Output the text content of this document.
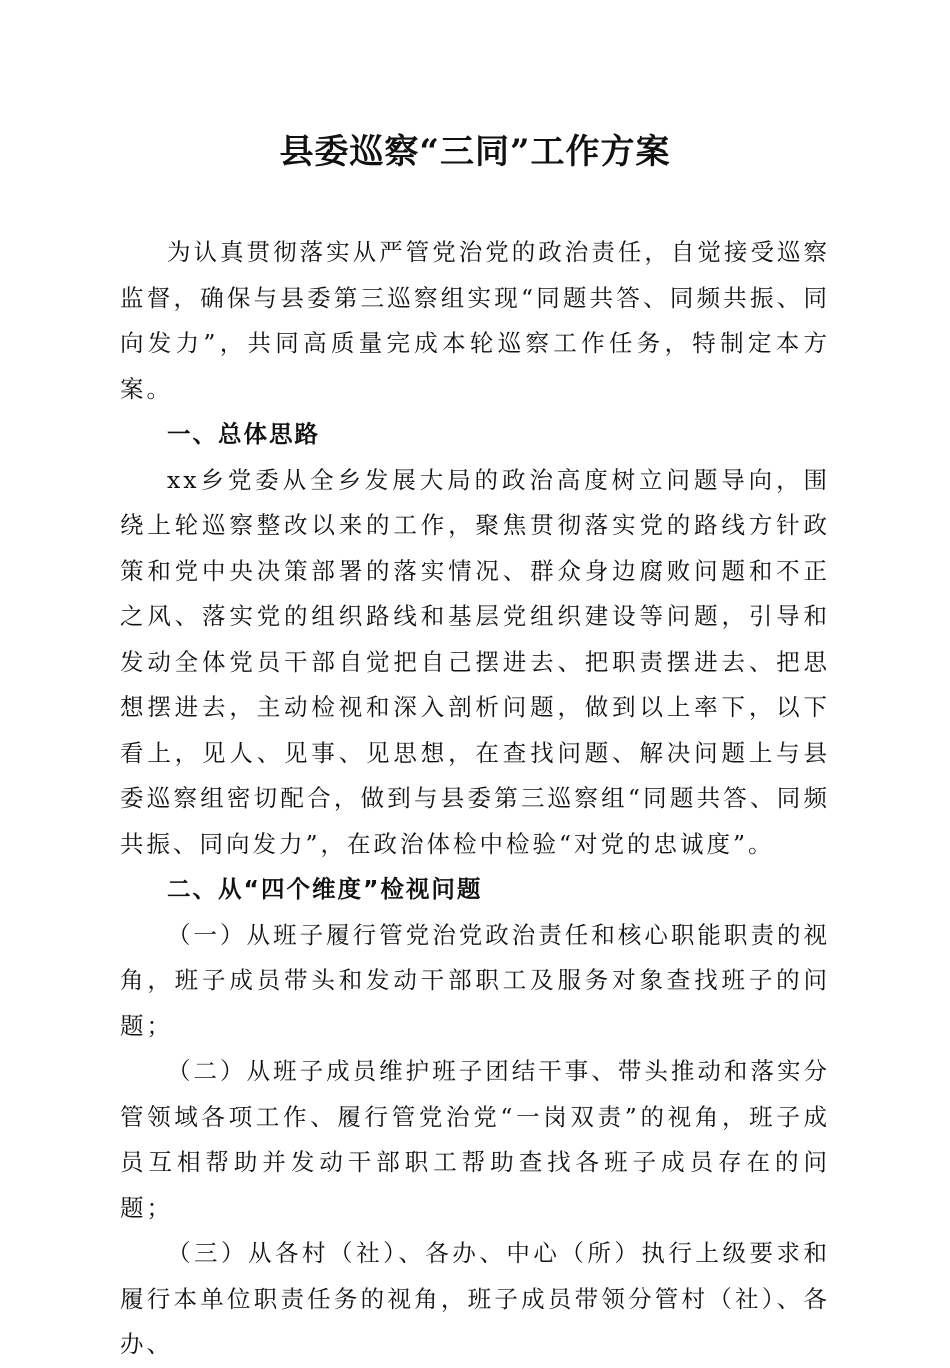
县委巡察“三同”工作方案

为认真贯彻落实从严管党治党的政治责任，自觉接受巡察监督，确保与县委第三巡察组实现“同题共答、同频共振、同向发力”，共同高质量完成本轮巡察工作任务，特制定本方案。

一、总体思路

xx乡党委从全乡发展大局的政治高度树立问题导向，围绕上轮巡察整改以来的工作，聚焦贯彻落实党的路线方针政策和党中央决策部署的落实情况、群众身边腐败问题和不正之风、落实党的组织路线和基层党组织建设等问题，引导和发动全体党员干部自觉把自己摆进去、把职责摆进去、把思想摆进去，主动检视和深入剖析问题，做到以上率下，以下看上，见人、见事、见思想，在查找问题、解决问题上与县委巡察组密切配合，做到与县委第三巡察组“同题共答、同频共振、同向发力”，在政治体检中检验“对党的忠诚度”。

二、从“四个维度”检视问题

（一）从班子履行管党治党政治责任和核心职能职责的视角，班子成员带头和发动干部职工及服务对象查找班子的问题；

（二）从班子成员维护班子团结干事、带头推动和落实分管领域各项工作、履行管党治党“一岗双责”的视角，班子成员互相帮助并发动干部职工帮助查找各班子成员存在的问题；

（三）从各村（社）、各办、中心（所）执行上级要求和履行本单位职责任务的视角，班子成员带领分管村（社）、各办、
